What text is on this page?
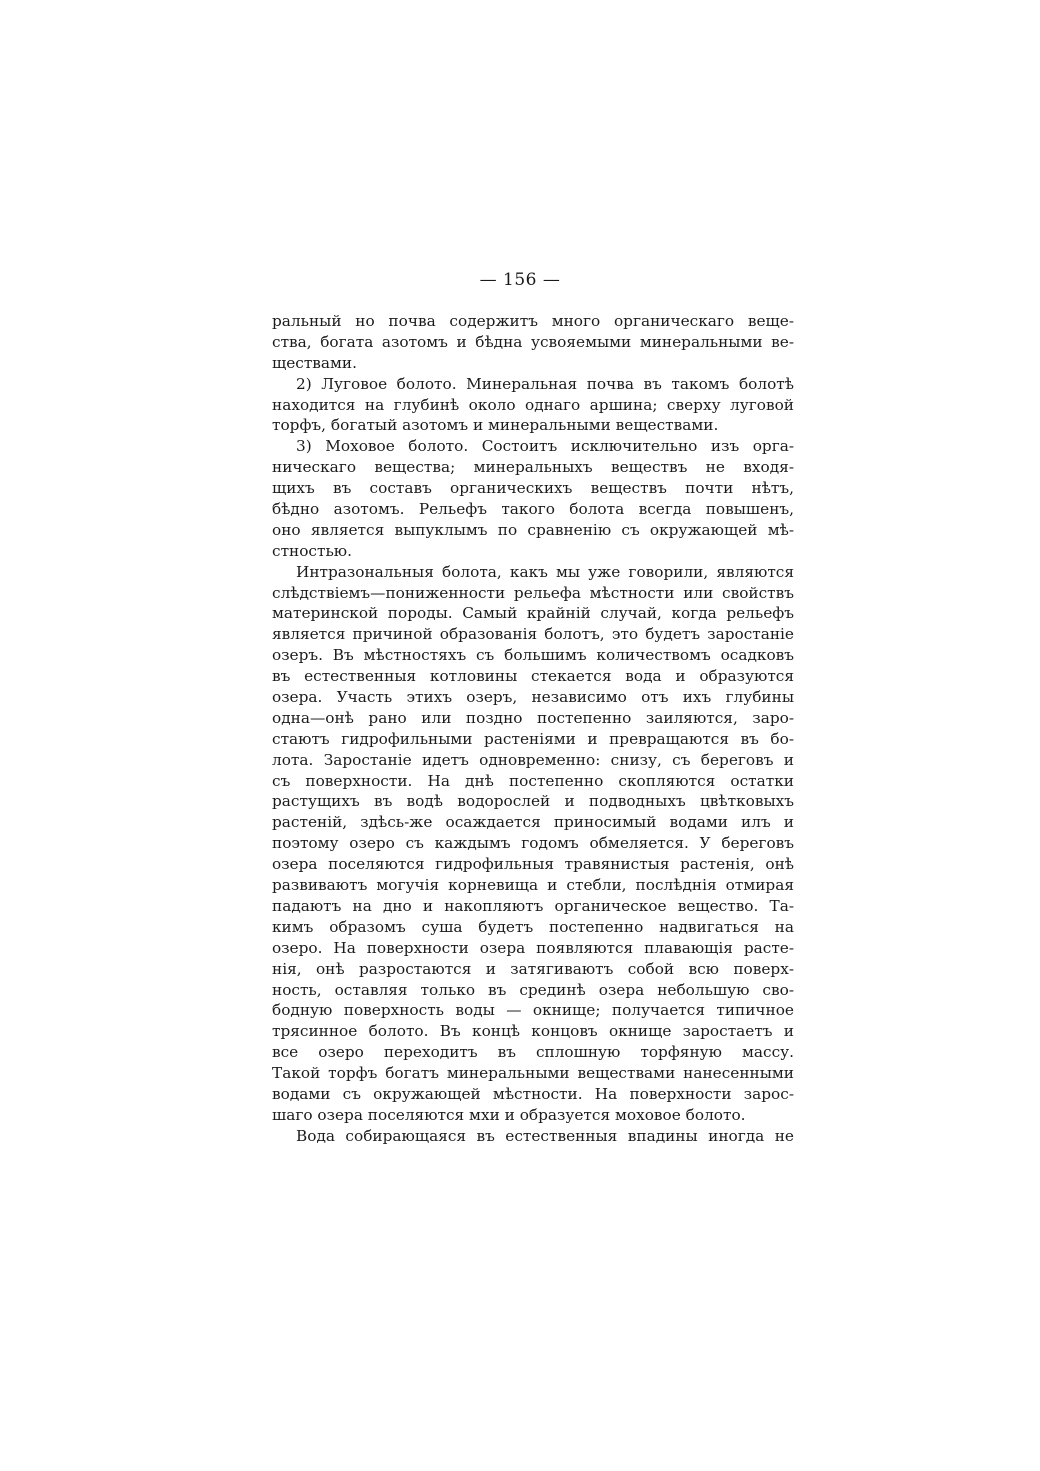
— 156 —
ральный но почва содержитъ много органическаго веще-
ства, богата азотомъ и бѣдна усвояемыми минеральными ве-
ществами.
2) Луговое болото. Минеральная почва въ такомъ болотѣ
находится на глубинѣ около однаго аршина; сверху луговой
торфъ, богатый азотомъ и минеральными веществами.
3) Моховое болото. Состоитъ исключительно изъ орга-
ническаго вещества; минеральныхъ веществъ не входя-
щихъ въ составъ органическихъ веществъ почти нѣтъ,
бѣдно азотомъ. Рельефъ такого болота всегда повышенъ,
оно является выпуклымъ по сравненію съ окружающей мѣ-
стностью.
Интразональныя болота, какъ мы уже говорили, являются
слѣдствіемъ—пониженности рельефа мѣстности или свойствъ
материнской породы. Самый крайній случай, когда рельефъ
является причиной образованія болотъ, это будетъ заростаніе
озеръ. Въ мѣстностяхъ съ большимъ количествомъ осадковъ
въ естественныя котловины стекается вода и образуются
озера. Участь этихъ озеръ, независимо отъ ихъ глубины
одна—онѣ рано или поздно постепенно заиляются, заро-
стаютъ гидрофильными растеніями и превращаются въ бо-
лота. Заростаніе идетъ одновременно: снизу, съ береговъ и
съ поверхности. На днѣ постепенно скопляются остатки
растущихъ въ водѣ водорослей и подводныхъ цвѣтковыхъ
растеній, здѣсь-же осаждается приносимый водами илъ и
поэтому озеро съ каждымъ годомъ обмеляется. У береговъ
озера поселяются гидрофильныя травянистыя растенія, онѣ
развиваютъ могучія корневища и стебли, послѣднія отмирая
падаютъ на дно и накопляютъ органическое вещество. Та-
кимъ образомъ суша будетъ постепенно надвигаться на
озеро. На поверхности озера появляются плавающія расте-
нія, онѣ разростаются и затягиваютъ собой всю поверх-
ность, оставляя только въ срединѣ озера небольшую сво-
бодную поверхность воды — окнище; получается типичное
трясинное болото. Въ концѣ концовъ окнище заростаетъ и
все озеро переходитъ въ сплошную торфяную массу.
Такой торфъ богатъ минеральными веществами нанесенными
водами съ окружающей мѣстности. На поверхности зарос-
шаго озера поселяются мхи и образуется моховое болото.
Вода собирающаяся въ естественныя впадины иногда не
